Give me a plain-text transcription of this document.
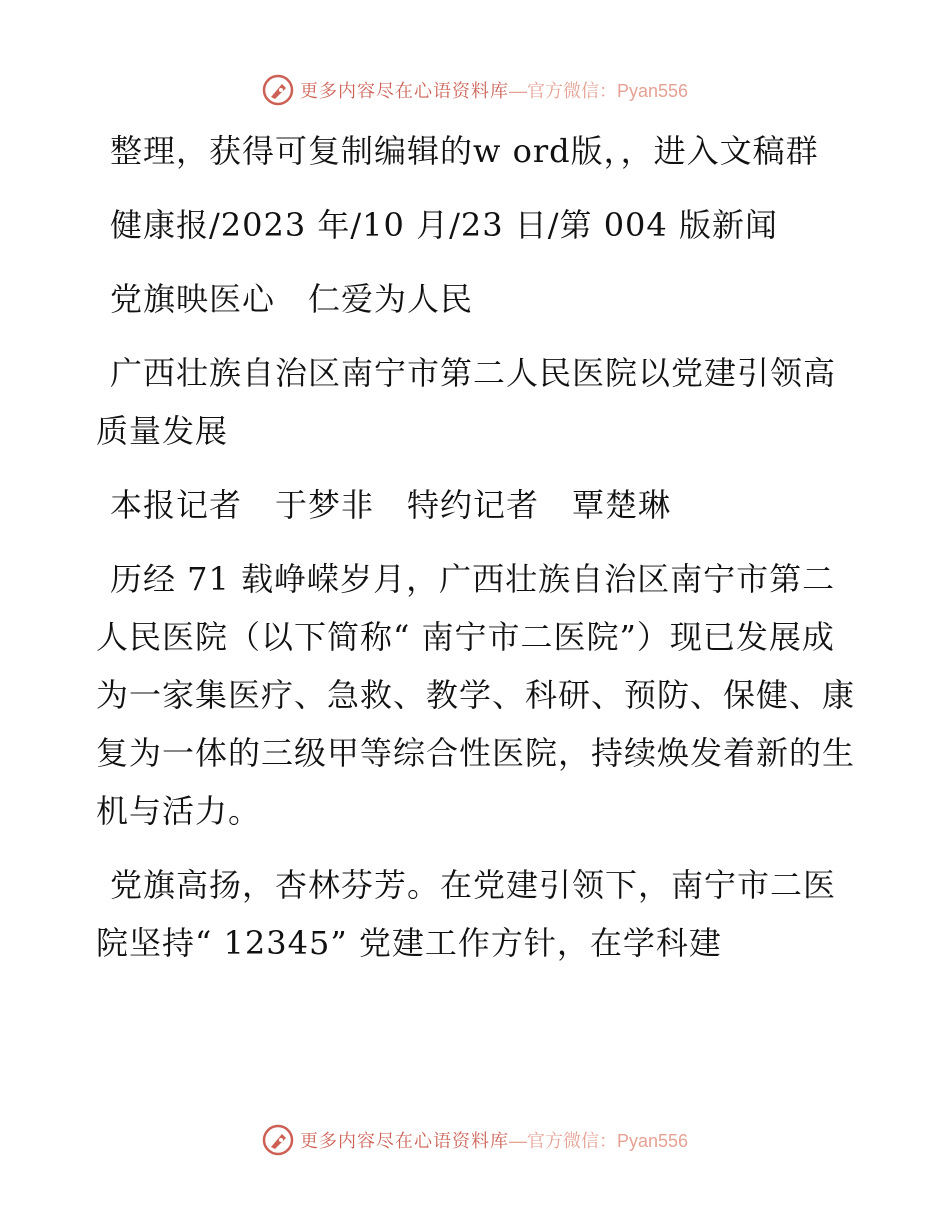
更多内容尽在心语资料库 —官方微信：Pyan556

整理，获得可复制编辑的w ord版，，进入文稿群

健康报/2023 年/10 月/23 日/第 004 版新闻

党旗映医心　仁爱为人民

广西壮族自治区南宁市第二人民医院以党建引领高质量发展

本报记者　于梦非　特约记者　覃楚琳

历经 71 载峥嵘岁月，广西壮族自治区南宁市第二人民医院（以下简称“ 南宁市二医院”）现已发展成为一家集医疗、急救、教学、科研、预防、保健、康复为一体的三级甲等综合性医院，持续焕发着新的生机与活力。

党旗高扬，杏林芬芳。在党建引领下，南宁市二医院坚持“ 12345” 党建工作方针，在学科建

更多内容尽在心语资料库 —官方微信：Pyan556
